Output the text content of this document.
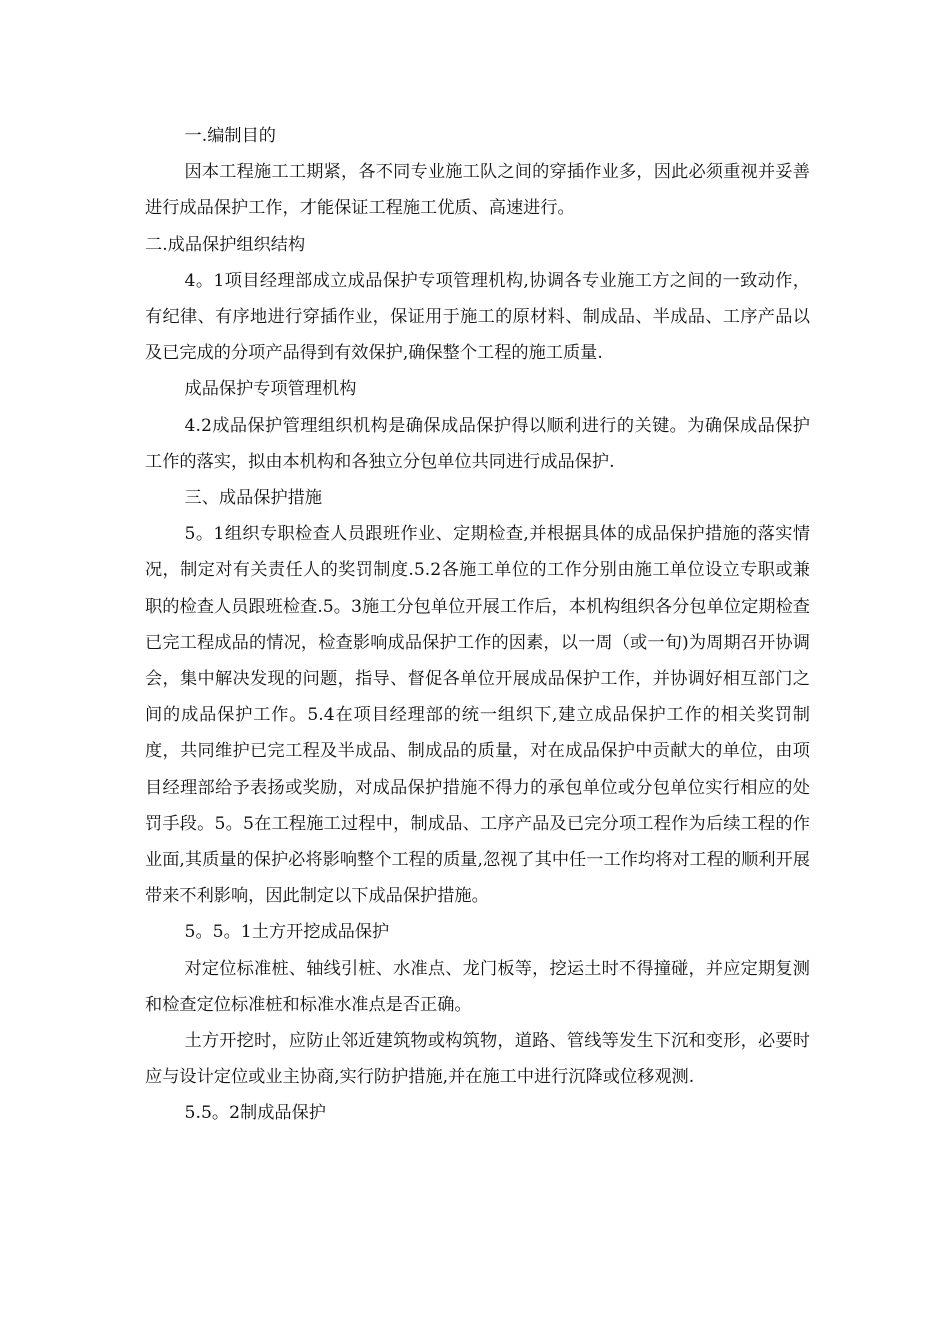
一.编制目的

因本工程施工工期紧，各不同专业施工队之间的穿插作业多，因此必须重视并妥善进行成品保护工作，才能保证工程施工优质、高速进行。

二.成品保护组织结构

4。1项目经理部成立成品保护专项管理机构,协调各专业施工方之间的一致动作，有纪律、有序地进行穿插作业，保证用于施工的原材料、制成品、半成品、工序产品以及已完成的分项产品得到有效保护,确保整个工程的施工质量.

成品保护专项管理机构

4.2成品保护管理组织机构是确保成品保护得以顺利进行的关键。为确保成品保护工作的落实，拟由本机构和各独立分包单位共同进行成品保护.

三、成品保护措施

5。1组织专职检查人员跟班作业、定期检查,并根据具体的成品保护措施的落实情况，制定对有关责任人的奖罚制度.5.2各施工单位的工作分别由施工单位设立专职或兼职的检查人员跟班检查.5。3施工分包单位开展工作后，本机构组织各分包单位定期检查已完工程成品的情况，检查影响成品保护工作的因素，以一周（或一旬)为周期召开协调会，集中解决发现的问题，指导、督促各单位开展成品保护工作，并协调好相互部门之间的成品保护工作。5.4在项目经理部的统一组织下,建立成品保护工作的相关奖罚制度，共同维护已完工程及半成品、制成品的质量，对在成品保护中贡献大的单位，由项目经理部给予表扬或奖励，对成品保护措施不得力的承包单位或分包单位实行相应的处罚手段。5。5在工程施工过程中，制成品、工序产品及已完分项工程作为后续工程的作业面,其质量的保护必将影响整个工程的质量,忽视了其中任一工作均将对工程的顺利开展带来不利影响，因此制定以下成品保护措施。

5。5。1土方开挖成品保护

对定位标准桩、轴线引桩、水准点、龙门板等，挖运土时不得撞碰，并应定期复测和检查定位标准桩和标准水准点是否正确。

土方开挖时，应防止邻近建筑物或构筑物，道路、管线等发生下沉和变形，必要时应与设计定位或业主协商,实行防护措施,并在施工中进行沉降或位移观测.

5.5。2制成品保护
